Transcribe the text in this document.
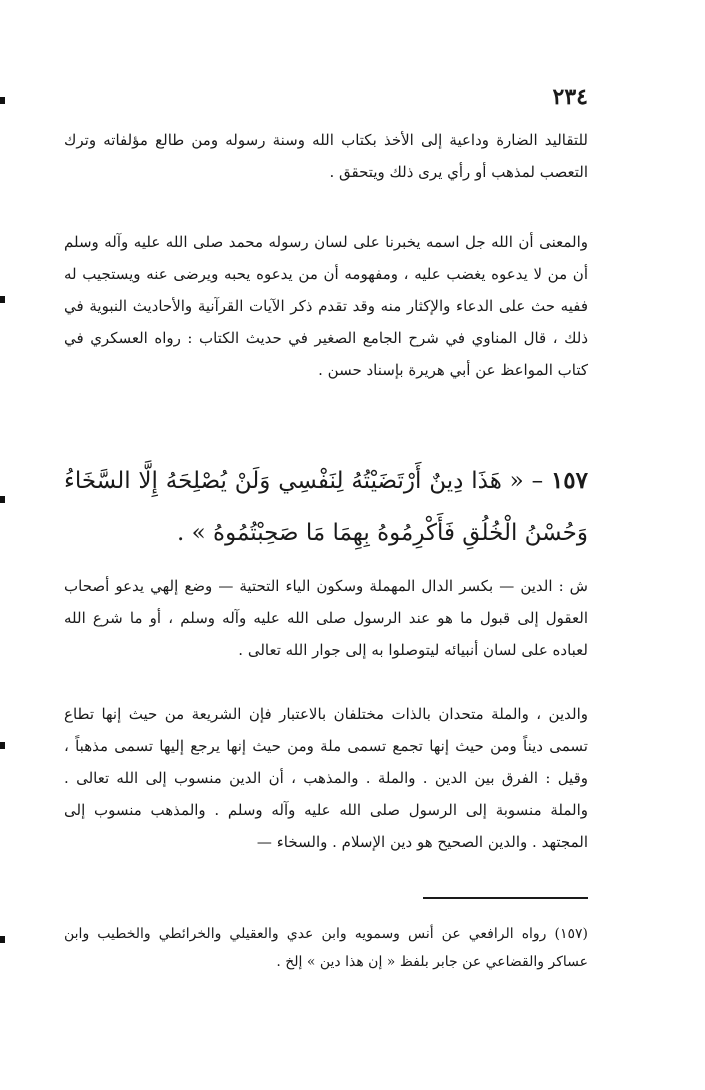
٢٣٤

للتقاليد الضارة وداعية إلى الأخذ بكتاب الله وسنة رسوله ومن طالع مؤلفاته وترك التعصب لمذهب أو رأي يرى ذلك ويتحقق .

والمعنى أن الله جل اسمه يخبرنا على لسان رسوله محمد صلى الله عليه وآله وسلم أن من لا يدعوه يغضب عليه ، ومفهومه أن من يدعوه يحبه ويرضى عنه ويستجيب له ففيه حث على الدعاء والإكثار منه وقد تقدم ذكر الآيات القرآنية والأحاديث النبوية في ذلك ، قال المناوي في شرح الجامع الصغير في حديث الكتاب : رواه العسكري في كتاب المواعظ عن أبي هريرة بإسناد حسن .

١٥٧ – « هَذَا دِينٌ أَرْتَضَيْتُهُ لِنَفْسِي وَلَنْ يُصْلِحَهُ إِلَّا السَّخَاءُ وَحُسْنُ الْخُلُقِ فَأَكْرِمُوهُ بِهِمَا مَا صَحِبْتُمُوهُ » .

ش : الدين — بكسر الدال المهملة وسكون الياء التحتية — وضع إلهي يدعو أصحاب العقول إلى قبول ما هو عند الرسول صلى الله عليه وآله وسلم ، أو ما شرع الله لعباده على لسان أنبيائه ليتوصلوا به إلى جوار الله تعالى .

والدين ، والملة متحدان بالذات مختلفان بالاعتبار فإن الشريعة من حيث إنها تطاع تسمى ديناً ومن حيث إنها تجمع تسمى ملة ومن حيث إنها يرجع إليها تسمى مذهباً ، وقيل : الفرق بين الدين . والملة . والمذهب ، أن الدين منسوب إلى الله تعالى . والملة منسوبة إلى الرسول صلى الله عليه وآله وسلم . والمذهب منسوب إلى المجتهد . والدين الصحيح هو دين الإسلام . والسخاء —

(١٥٧) رواه الرافعي عن أنس وسمويه وابن عدي والعقيلي والخرائطي والخطيب وابن عساكر والقضاعي عن جابر بلفظ « إن هذا دين » إلخ .
